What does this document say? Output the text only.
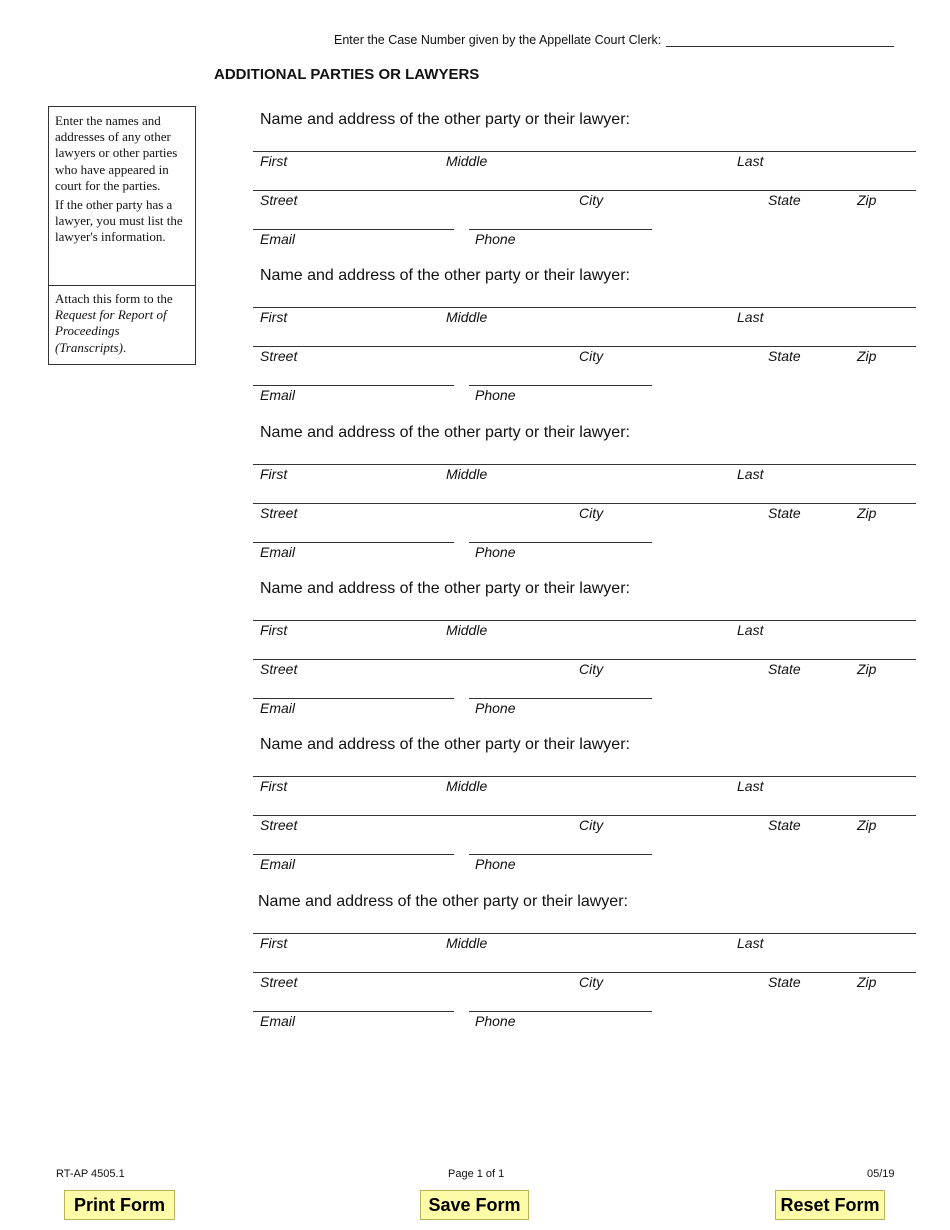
Enter the Case Number given by the Appellate Court Clerk:
ADDITIONAL PARTIES OR LAWYERS

Enter the names and addresses of any other lawyers or other parties who have appeared in court for the parties.

If the other party has a lawyer, you must list the lawyer's information.

Attach this form to the Request for Report of Proceedings (Transcripts).

Name and address of the other party or their lawyer:
First	Middle	Last
Street	City	State	Zip
Email	Phone
Name and address of the other party or their lawyer:
First	Middle	Last
Street	City	State	Zip
Email	Phone
Name and address of the other party or their lawyer:
First	Middle	Last
Street	City	State	Zip
Email	Phone
Name and address of the other party or their lawyer:
First	Middle	Last
Street	City	State	Zip
Email	Phone
Name and address of the other party or their lawyer:
First	Middle	Last
Street	City	State	Zip
Email	Phone
Name and address of the other party or their lawyer:
First	Middle	Last
Street	City	State	Zip
Email	Phone
RT-AP 4505.1	Page 1 of 1	05/19
Print Form	Save Form	Reset Form
